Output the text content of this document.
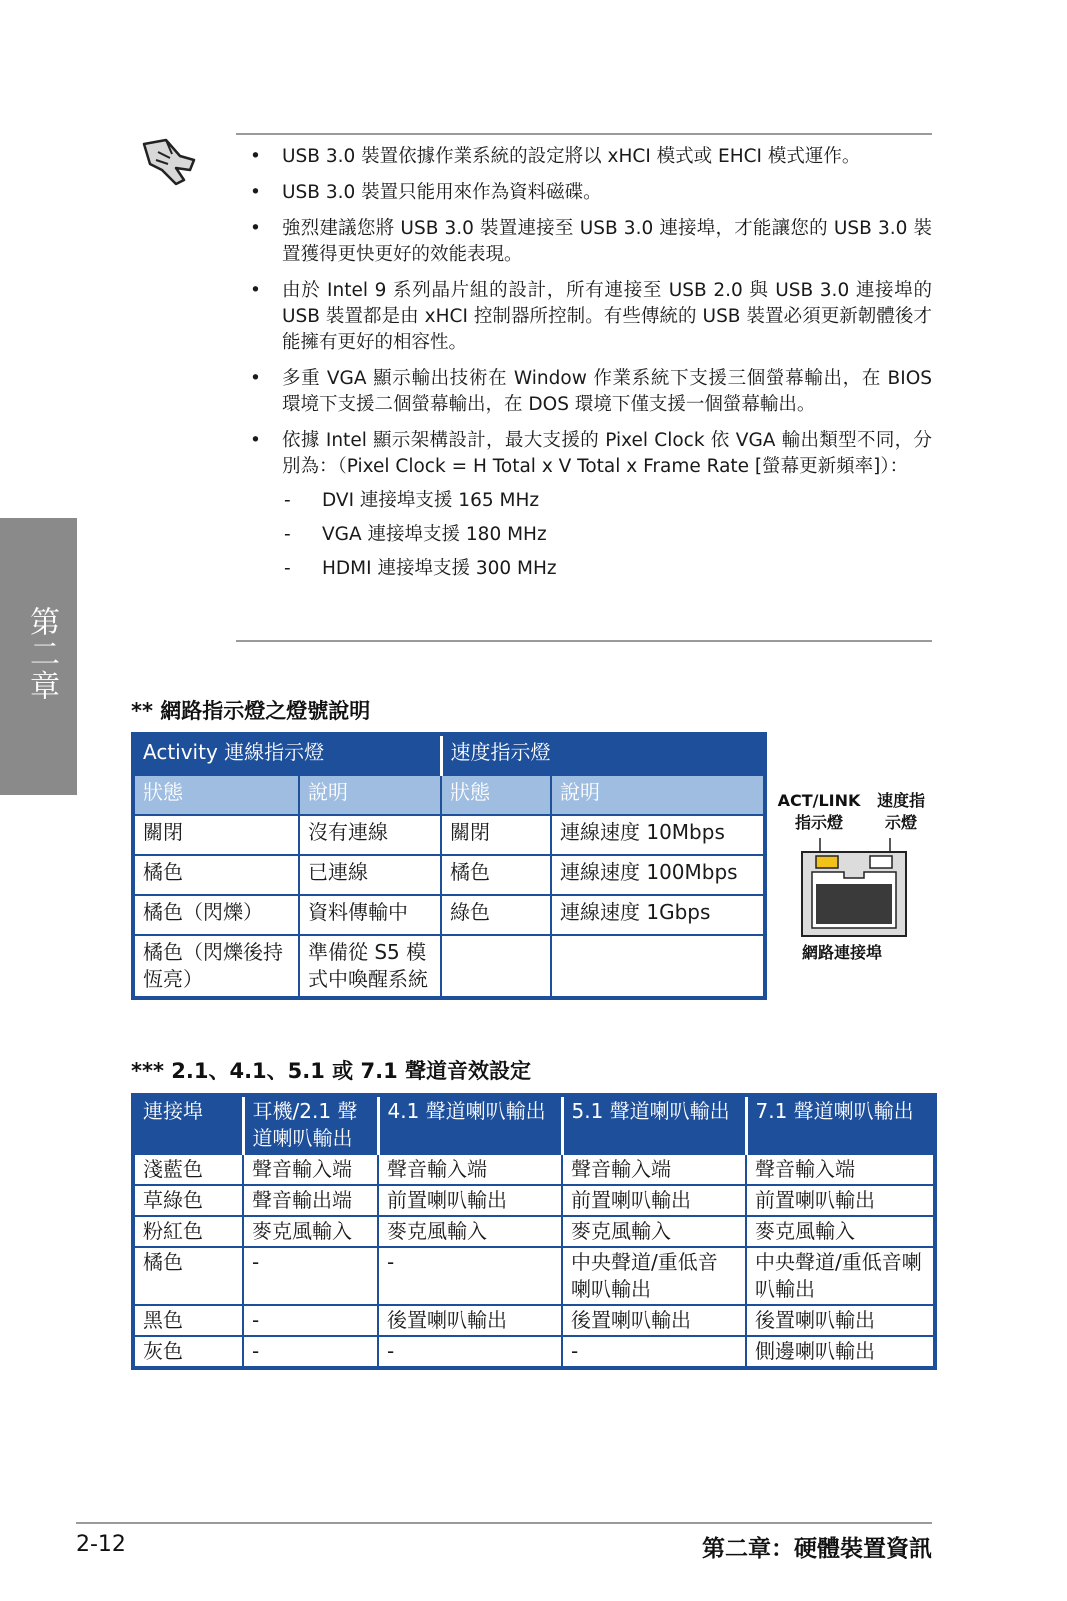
第二章
•	USB 3.0 裝置依據作業系統的設定將以 xHCI 模式或 EHCI 模式運作。
•	USB 3.0 裝置只能用來作為資料磁碟。
•	強烈建議您將 USB 3.0 裝置連接至 USB 3.0 連接埠，才能讓您的 USB 3.0 裝置獲得更快更好的效能表現。
•	由於 Intel 9 系列晶片組的設計，所有連接至 USB 2.0 與 USB 3.0 連接埠的 USB 裝置都是由 xHCI 控制器所控制。有些傳統的 USB 裝置必須更新韌體後才能擁有更好的相容性。
•	多重 VGA 顯示輸出技術在 Window 作業系統下支援三個螢幕輸出，在 BIOS 環境下支援二個螢幕輸出，在 DOS 環境下僅支援一個螢幕輸出。
•	依據 Intel 顯示架構設計，最大支援的 Pixel Clock 依 VGA 輸出類型不同，分別為：（Pixel Clock = H Total x V Total x Frame Rate [螢幕更新頻率]）：
- DVI 連接埠支援 165 MHz
- VGA 連接埠支援 180 MHz
- HDMI 連接埠支援 300 MHz
** 網路指示燈之燈號說明
Activity 連線指示燈		速度指示燈	
狀態	說明	狀態	說明
關閉	沒有連線	關閉	連線速度 10Mbps
橘色	已連線	橘色	連線速度 100Mbps
橘色（閃爍）	資料傳輸中	綠色	連線速度 1Gbps
橘色（閃爍後持恆亮）	準備從 S5 模式中喚醒系統		
ACT/LINK 指示燈
速度指示燈
網路連接埠
*** 2.1、4.1、5.1 或 7.1 聲道音效設定
連接埠	耳機/2.1 聲道喇叭輸出	4.1 聲道喇叭輸出	5.1 聲道喇叭輸出	7.1 聲道喇叭輸出
淺藍色	聲音輸入端	聲音輸入端	聲音輸入端	聲音輸入端
草綠色	聲音輸出端	前置喇叭輸出	前置喇叭輸出	前置喇叭輸出
粉紅色	麥克風輸入	麥克風輸入	麥克風輸入	麥克風輸入
橘色	-	-	中央聲道/重低音喇叭輸出	中央聲道/重低音喇叭輸出
黑色	-	後置喇叭輸出	後置喇叭輸出	後置喇叭輸出
灰色	-	-	-	側邊喇叭輸出
2-12	第二章：硬體裝置資訊
